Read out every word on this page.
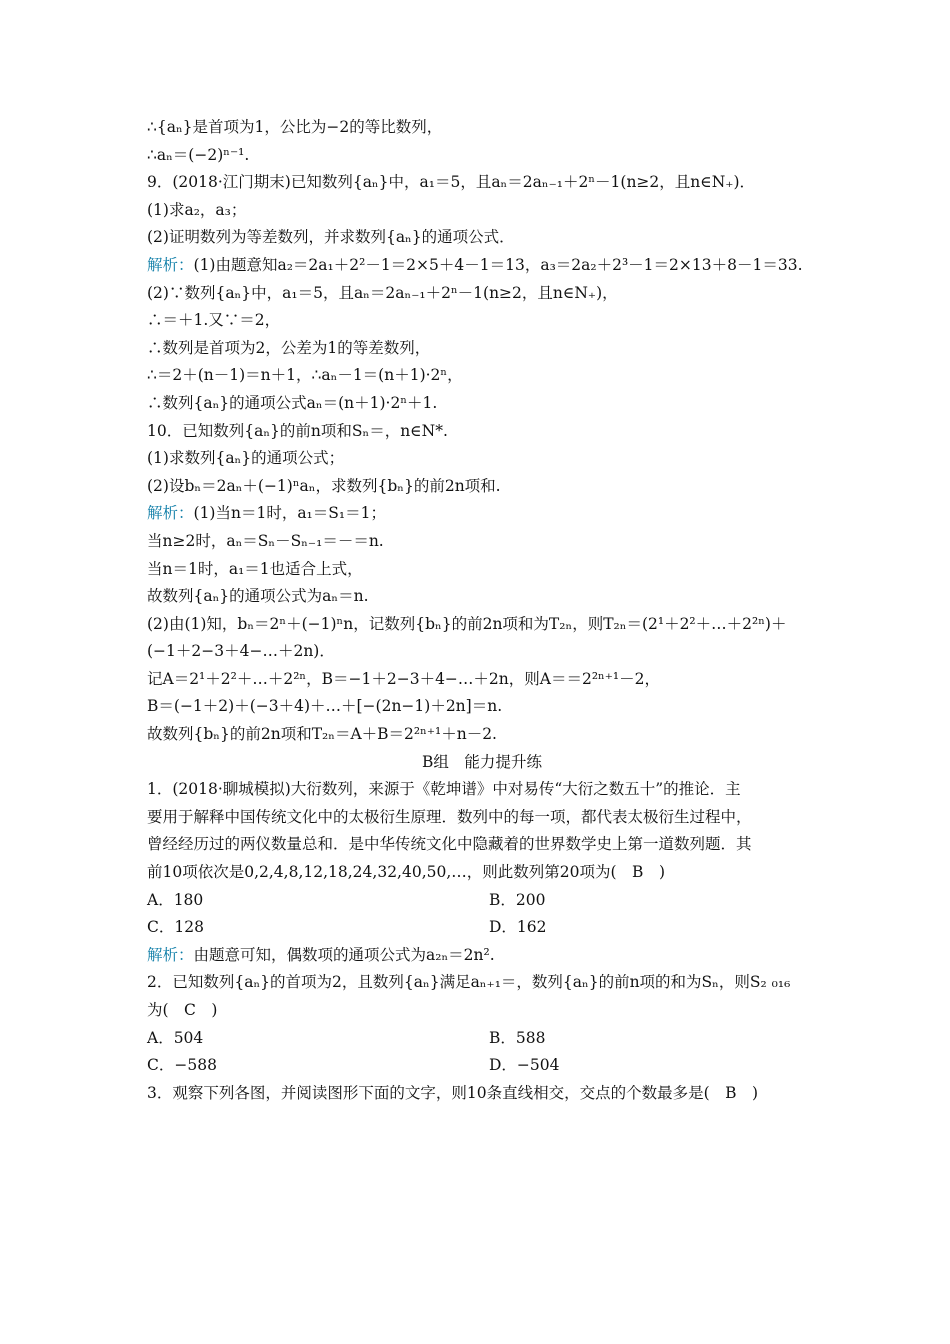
∴{aₙ}是首项为1，公比为−2的等比数列，
∴aₙ＝(−2)ⁿ⁻¹.
9．(2018·江门期末)已知数列{aₙ}中，a₁＝5，且aₙ＝2aₙ₋₁＋2ⁿ－1(n≥2，且n∈N₊)．
(1)求a₂，a₃；
(2)证明数列为等差数列，并求数列{aₙ}的通项公式．
解析：(1)由题意知a₂＝2a₁＋2²－1＝2×5＋4－1＝13，a₃＝2a₂＋2³－1＝2×13＋8－1＝33.
(2)∵数列{aₙ}中，a₁＝5，且aₙ＝2aₙ₋₁＋2ⁿ－1(n≥2，且n∈N₊)，
∴＝＋1.又∵＝2，
∴数列是首项为2，公差为1的等差数列，
∴＝2＋(n－1)＝n＋1，∴aₙ－1＝(n＋1)·2ⁿ，
∴数列{aₙ}的通项公式aₙ＝(n＋1)·2ⁿ＋1.
10．已知数列{aₙ}的前n项和Sₙ＝，n∈N*.
(1)求数列{aₙ}的通项公式；
(2)设bₙ＝2aₙ＋(−1)ⁿaₙ，求数列{bₙ}的前2n项和.
解析：(1)当n＝1时，a₁＝S₁＝1；
当n≥2时，aₙ＝Sₙ－Sₙ₋₁＝－＝n.
当n＝1时，a₁＝1也适合上式，
故数列{aₙ}的通项公式为aₙ＝n.
(2)由(1)知，bₙ＝2ⁿ＋(−1)ⁿn，记数列{bₙ}的前2n项和为T₂ₙ，则T₂ₙ＝(2¹＋2²＋…＋2²ⁿ)＋
(−1＋2−3＋4−…＋2n)．
记A＝2¹＋2²＋…＋2²ⁿ，B＝−1＋2−3＋4−…＋2n，则A＝＝2²ⁿ⁺¹－2，
B＝(−1＋2)＋(−3＋4)＋…＋[−(2n−1)＋2n]＝n.
故数列{bₙ}的前2n项和T₂ₙ＝A＋B＝2²ⁿ⁺¹＋n－2.
B组　能力提升练
1．(2018·聊城模拟)大衍数列，来源于《乾坤谱》中对易传“大衍之数五十”的推论．主
要用于解释中国传统文化中的太极衍生原理．数列中的每一项，都代表太极衍生过程中，
曾经经历过的两仪数量总和．是中华传统文化中隐藏着的世界数学史上第一道数列题．其
前10项依次是0,2,4,8,12,18,24,32,40,50,…，则此数列第20项为(　B　)
A．180	B．200
C．128	D．162
解析：由题意可知，偶数项的通项公式为a₂ₙ＝2n².
2．已知数列{aₙ}的首项为2，且数列{aₙ}满足aₙ₊₁＝，数列{aₙ}的前n项的和为Sₙ，则S₂ ₀₁₆
为(　C　)
A．504	B．588
C．−588	D．−504
3．观察下列各图，并阅读图形下面的文字，则10条直线相交，交点的个数最多是(　B　)
